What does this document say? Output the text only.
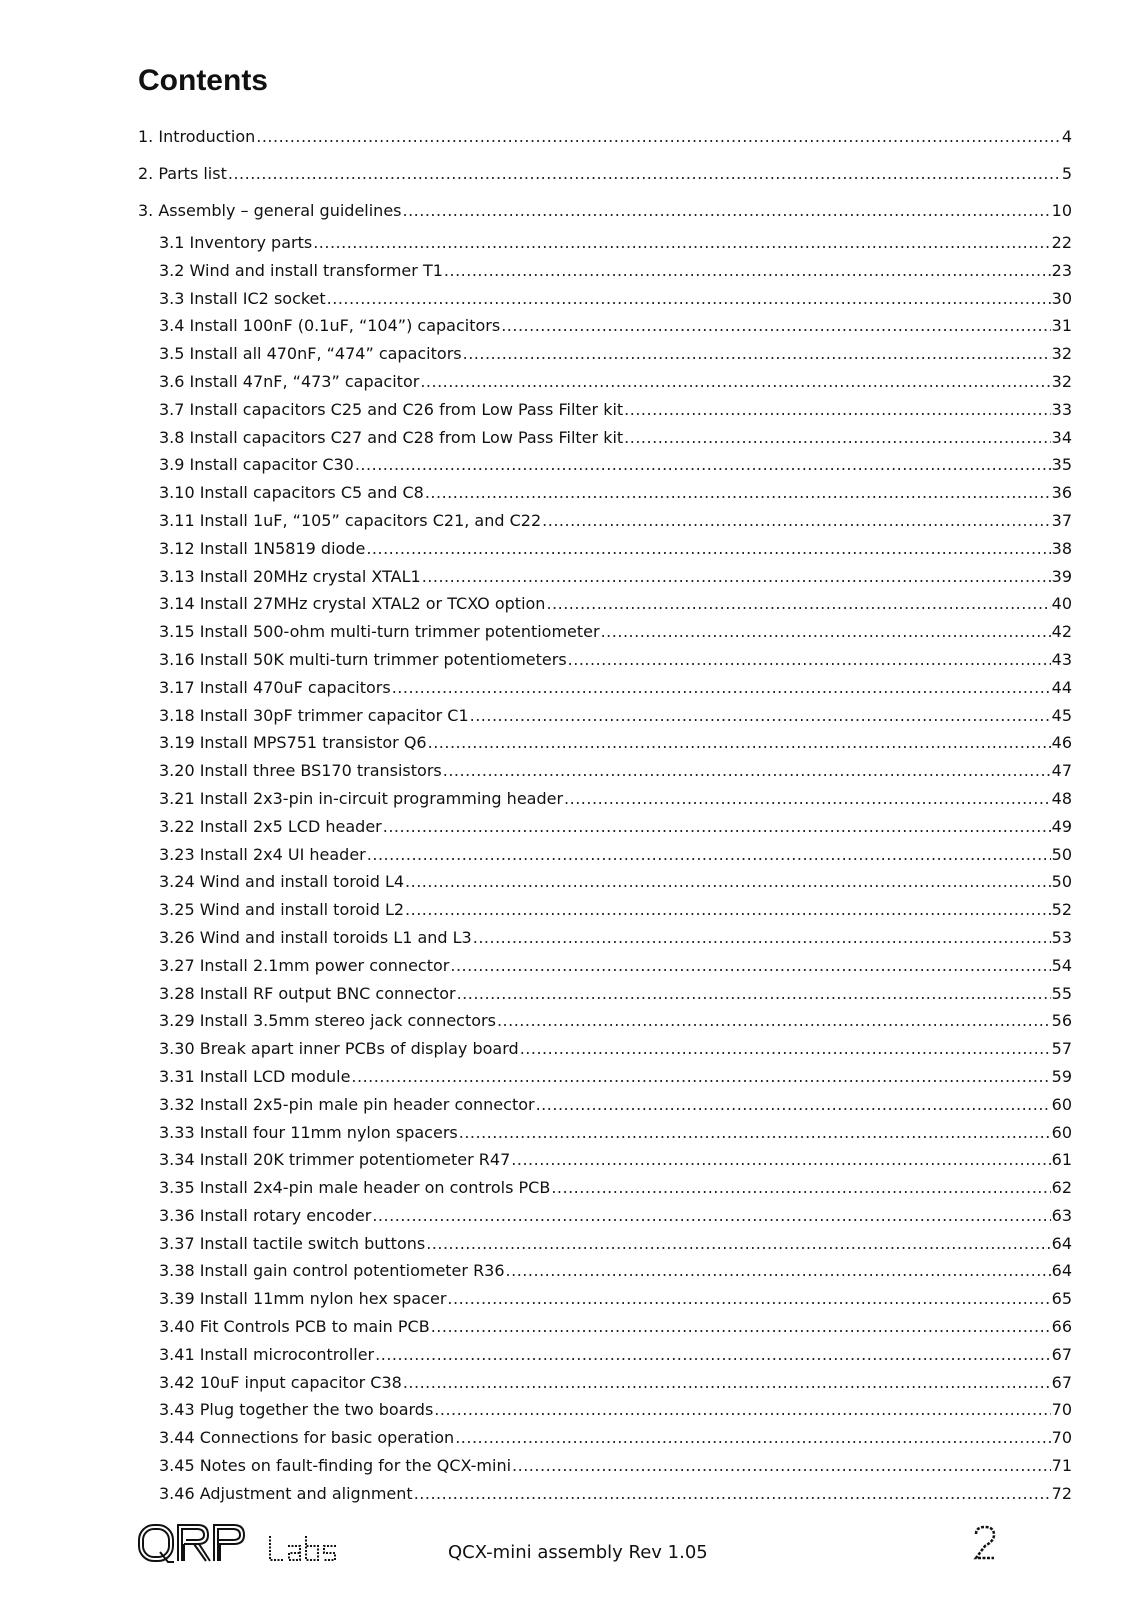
Contents
1. Introduction .....	4
2. Parts list .....	5
3. Assembly – general guidelines .....	10
3.1 Inventory parts .....	22
3.2 Wind and install transformer T1 .....	23
3.3 Install IC2 socket .....	30
3.4 Install 100nF (0.1uF, “104”) capacitors .....	31
3.5 Install all 470nF, “474” capacitors .....	32
3.6 Install 47nF, “473” capacitor .....	32
3.7 Install capacitors C25 and C26 from Low Pass Filter kit .....	33
3.8 Install capacitors C27 and C28 from Low Pass Filter kit .....	34
3.9 Install capacitor C30 .....	35
3.10 Install capacitors C5 and C8 .....	36
3.11 Install 1uF, “105” capacitors C21, and C22 .....	37
3.12 Install 1N5819 diode .....	38
3.13 Install 20MHz crystal XTAL1 .....	39
3.14 Install 27MHz crystal XTAL2 or TCXO option .....	40
3.15 Install 500-ohm multi-turn trimmer potentiometer .....	42
3.16 Install 50K multi-turn trimmer potentiometers .....	43
3.17 Install 470uF capacitors .....	44
3.18 Install 30pF trimmer capacitor C1 .....	45
3.19 Install MPS751 transistor Q6 .....	46
3.20 Install three BS170 transistors .....	47
3.21 Install 2x3-pin in-circuit programming header .....	48
3.22 Install 2x5 LCD header .....	49
3.23 Install 2x4 UI header .....	50
3.24 Wind and install toroid L4 .....	50
3.25 Wind and install toroid L2 .....	52
3.26 Wind and install toroids L1 and L3 .....	53
3.27 Install 2.1mm power connector .....	54
3.28 Install RF output BNC connector .....	55
3.29 Install 3.5mm stereo jack connectors .....	56
3.30 Break apart inner PCBs of display board .....	57
3.31 Install LCD module .....	59
3.32 Install 2x5-pin male pin header connector .....	60
3.33 Install four 11mm nylon spacers .....	60
3.34 Install 20K trimmer potentiometer R47 .....	61
3.35 Install 2x4-pin male header on controls PCB .....	62
3.36 Install rotary encoder .....	63
3.37 Install tactile switch buttons .....	64
3.38 Install gain control potentiometer R36 .....	64
3.39 Install 11mm nylon hex spacer .....	65
3.40 Fit Controls PCB to main PCB .....	66
3.41 Install microcontroller .....	67
3.42 10uF input capacitor C38 .....	67
3.43 Plug together the two boards .....	70
3.44 Connections for basic operation .....	70
3.45 Notes on fault-finding for the QCX-mini .....	71
3.46 Adjustment and alignment .....	72
QCX-mini assembly Rev 1.05
